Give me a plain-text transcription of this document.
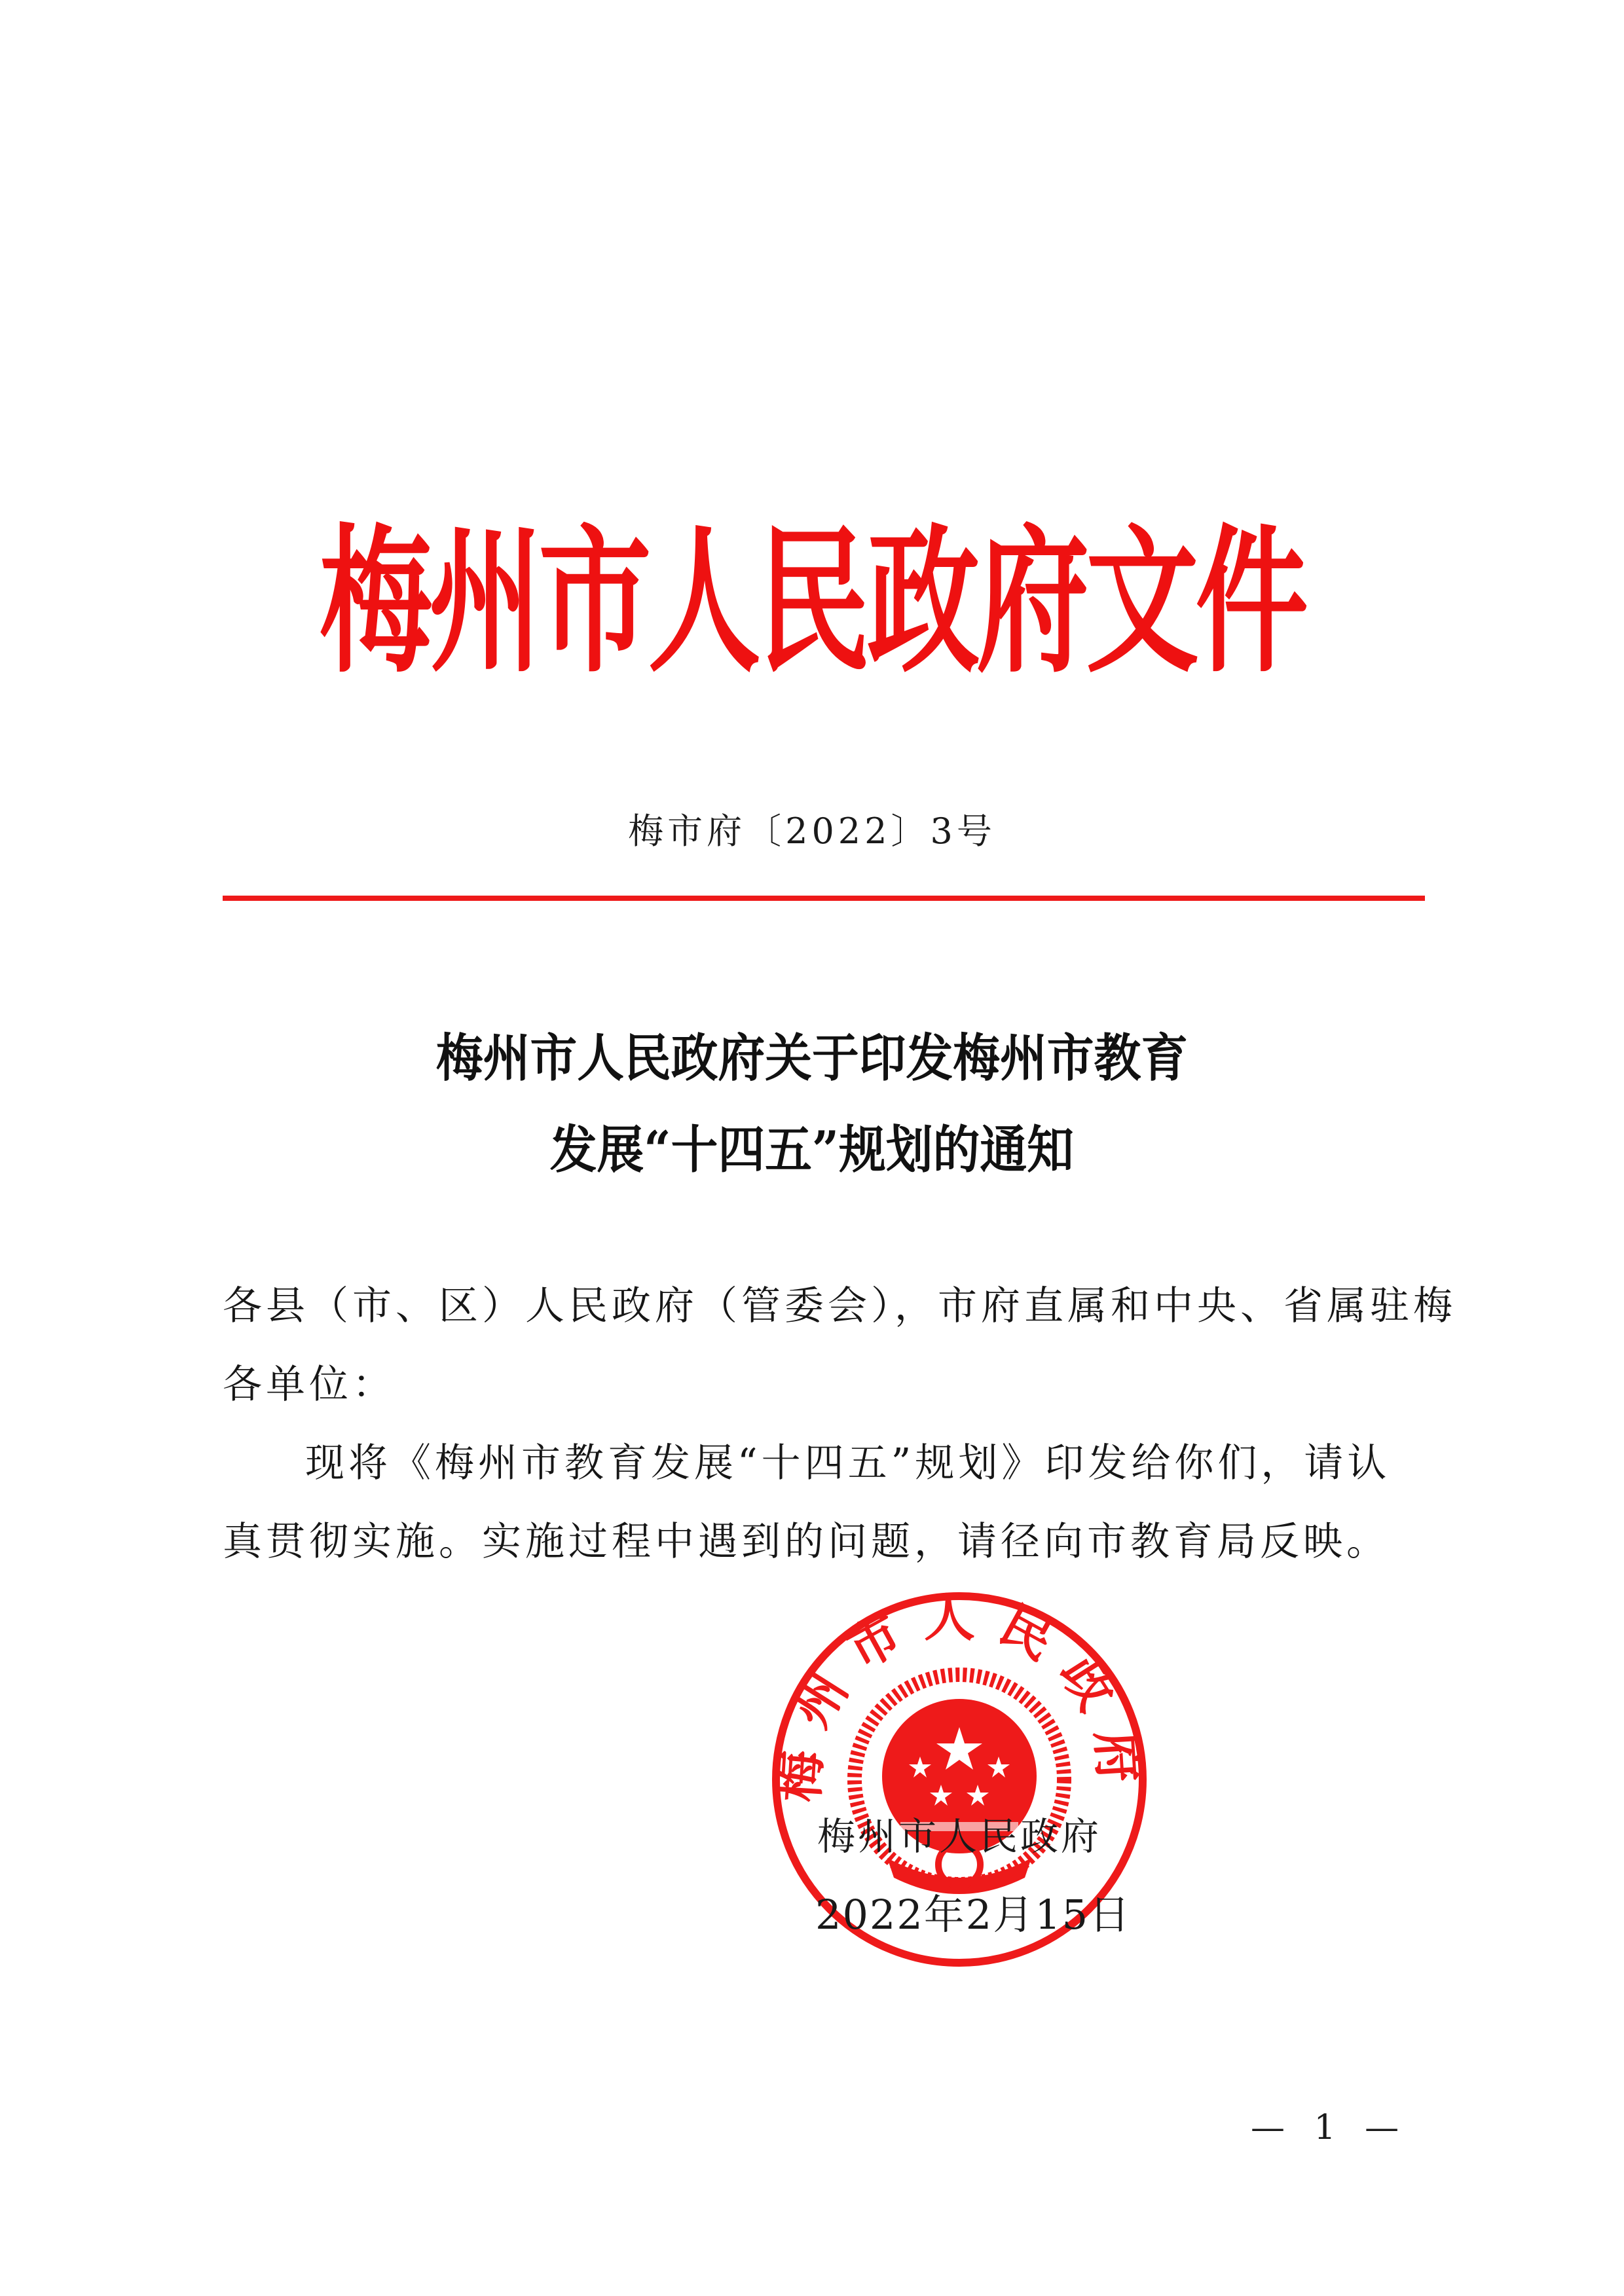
梅州市人民政府文件
梅市府〔2022〕3号
梅州市人民政府关于印发梅州市教育
发展“十四五”规划的通知
各县（市、区）人民政府（管委会），市府直属和中央、省属驻梅
各单位：
现将《梅州市教育发展“十四五”规划》印发给你们，请认
真贯彻实施。实施过程中遇到的问题，请径向市教育局反映。
梅州市人民政府
梅州市人民政府
2022年2月15日
— 1 —
